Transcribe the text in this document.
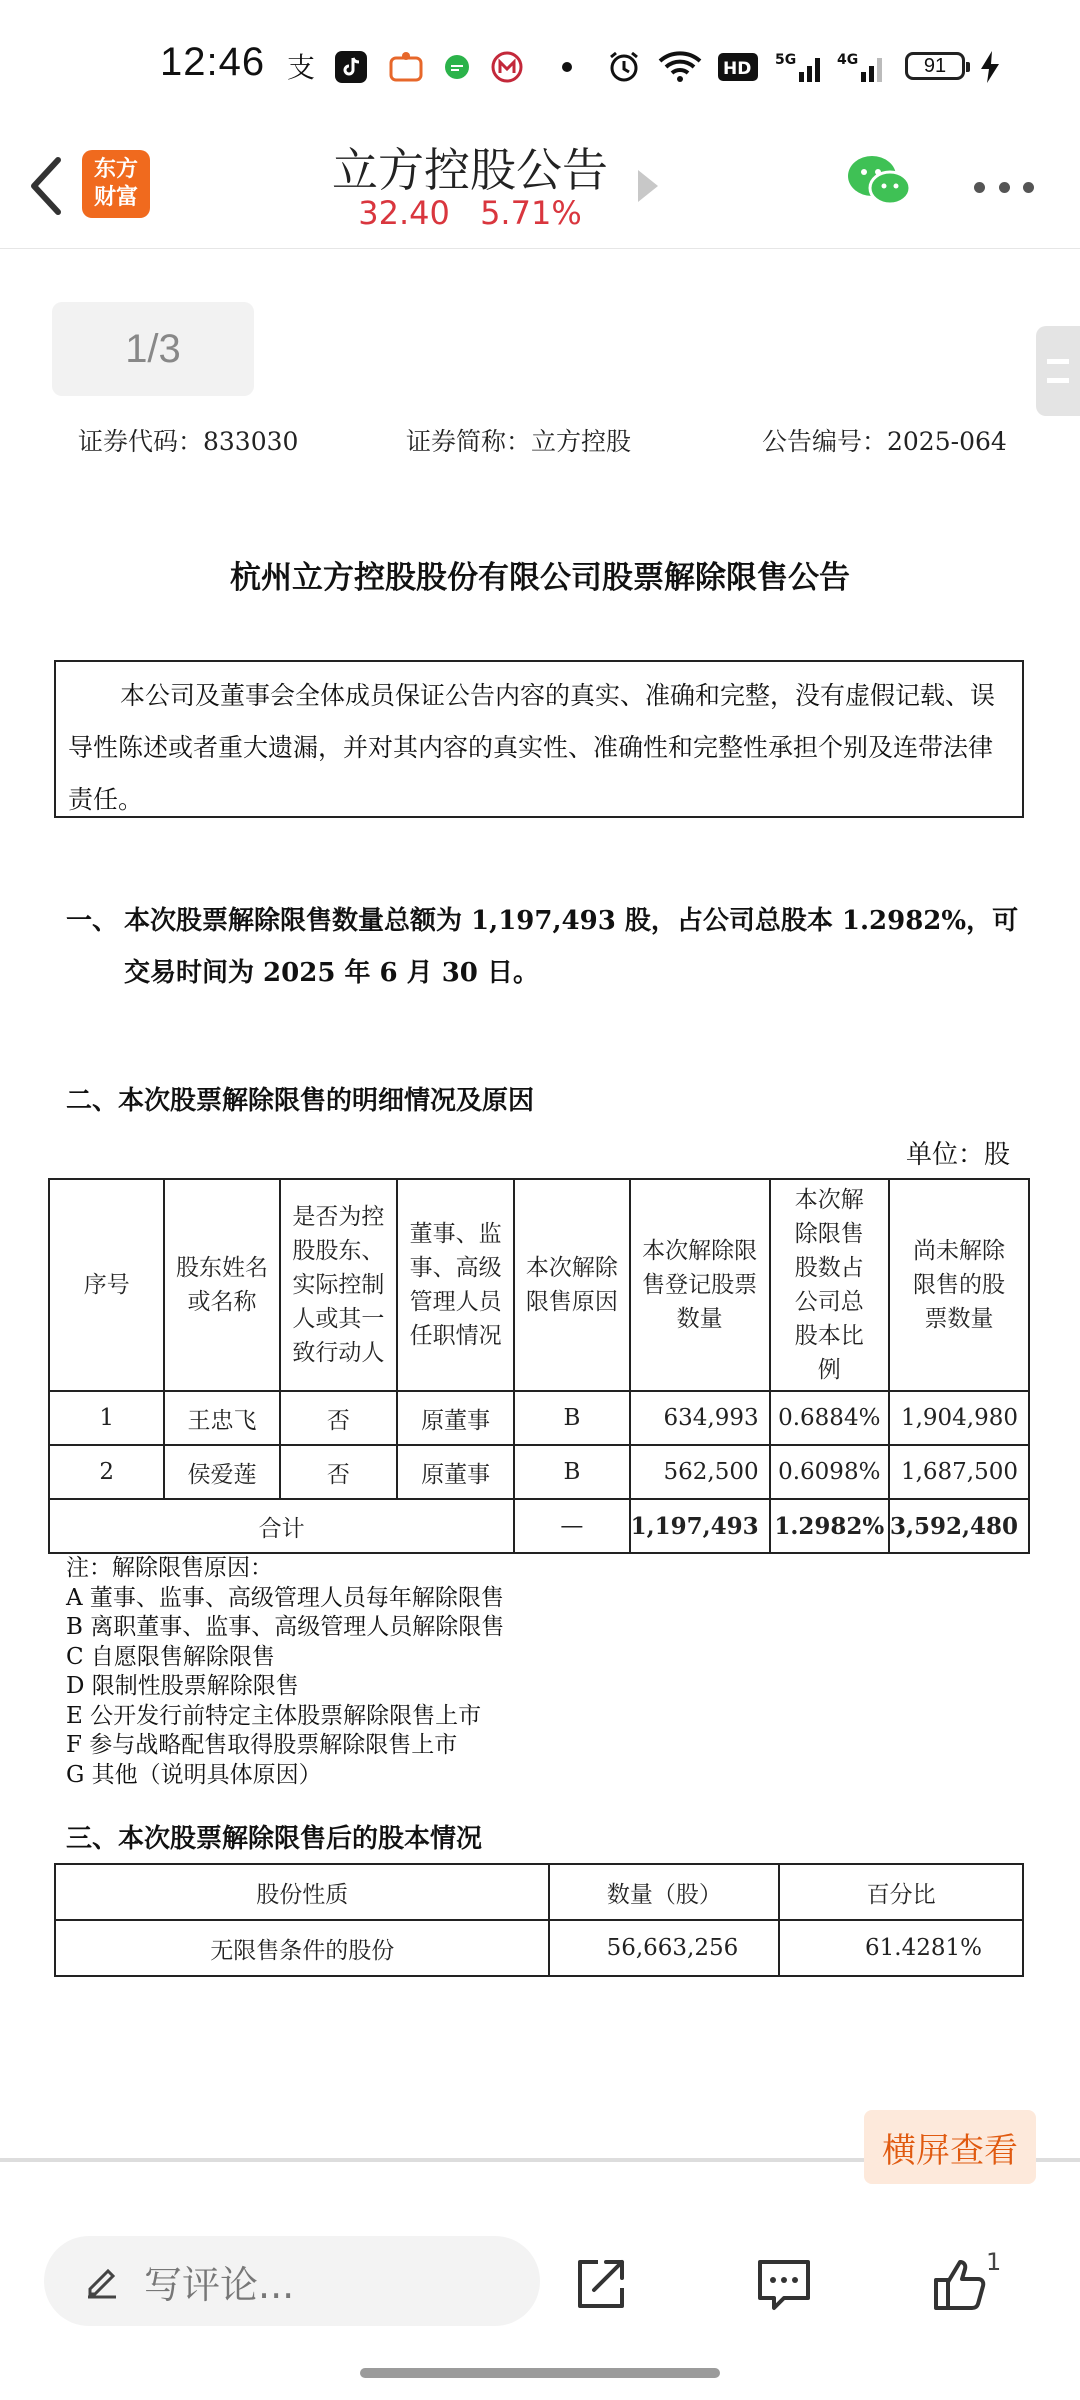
12:46 支	HD 5G	4G	91
东方
财富
立方控股公告
32.40 5.71%
1/3
证券代码：833030	证券简称：立方控股	公告编号：2025-064
杭州立方控股股份有限公司股票解除限售公告
本公司及董事会全体成员保证公告内容的真实、准确和完整，没有虚假记载、误导性陈述或者重大遗漏，并对其内容的真实性、准确性和完整性承担个别及连带法律责任。
一、 本次股票解除限售数量总额为 1,197,493 股，占公司总股本 1.2982%，可交易时间为 2025 年 6 月 30 日。
二、本次股票解除限售的明细情况及原因
单位：股
序号	股东姓名或名称	是否为控股股东、实际控制人或其一致行动人	董事、监事、高级管理人员任职情况	本次解除限售原因	本次解除限售登记股票数量	本次解除限售股数占公司总股本比例	尚未解除限售的股票数量
1	王忠飞	否	原董事	B	634,993	0.6884%	1,904,980
2	侯爱莲	否	原董事	B	562,500	0.6098%	1,687,500
合计				—	1,197,493	1.2982%	3,592,480
注：解除限售原因：
A 董事、监事、高级管理人员每年解除限售
B 离职董事、监事、高级管理人员解除限售
C 自愿限售解除限售
D 限制性股票解除限售
E 公开发行前特定主体股票解除限售上市
F 参与战略配售取得股票解除限售上市
G 其他（说明具体原因）
三、本次股票解除限售后的股本情况
股份性质	数量（股）	百分比
无限售条件的股份	56,663,256	61.4281%
横屏查看
写评论...
1
